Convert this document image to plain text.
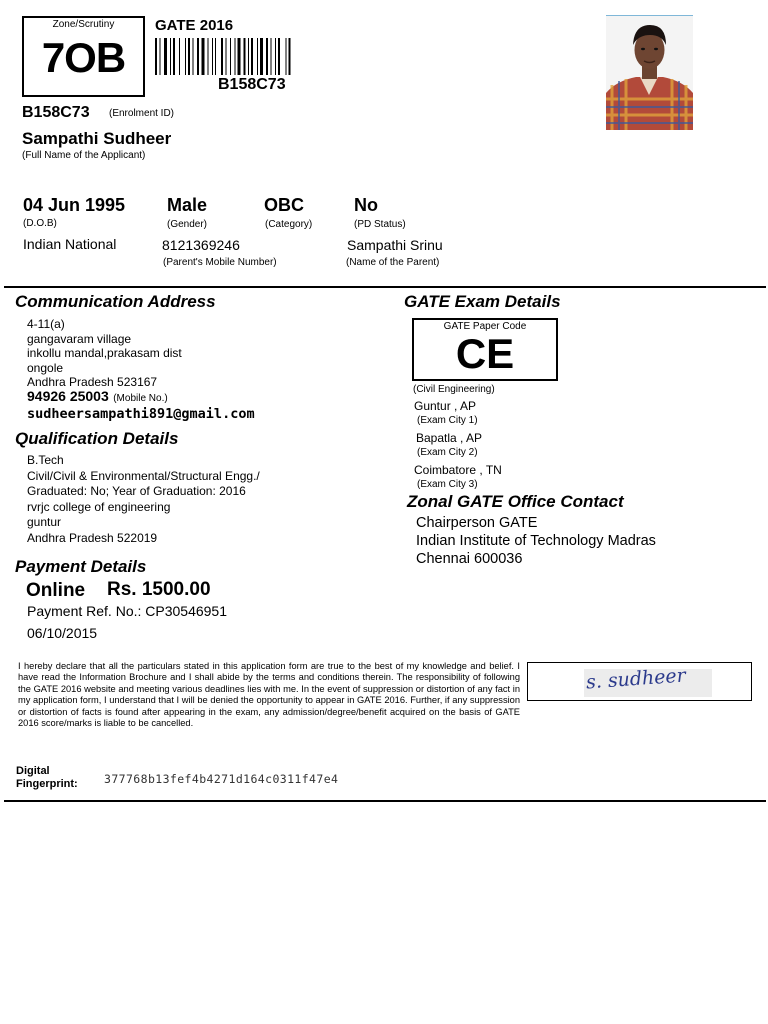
Zone/Scrutiny
7OB
GATE 2016
B158C73
B158C73 (Enrolment ID)
Sampathi Sudheer
(Full Name of the Applicant)
04 Jun 1995
(D.O.B)
Male
(Gender)
OBC
(Category)
No
(PD Status)
Indian National	8121369246
(Parent's Mobile Number)
Sampathi Srinu
(Name of the Parent)
Communication Address
4-11(a)
gangavaram village
inkollu mandal,prakasam dist
ongole
Andhra Pradesh 523167
94926 25003 (Mobile No.)
sudheersampathi891@gmail.com
Qualification Details
B.Tech
Civil/Civil & Environmental/Structural Engg./
Graduated: No; Year of Graduation: 2016
rvrjc college of engineering
guntur
Andhra Pradesh 522019
Payment Details
Online Rs. 1500.00
Payment Ref. No.: CP30546951
06/10/2015
GATE Exam Details
GATE Paper Code
CE
(Civil Engineering)
Guntur , AP
(Exam City 1)
Bapatla , AP
(Exam City 2)
Coimbatore , TN
(Exam City 3)
Zonal GATE Office Contact
Chairperson GATE
Indian Institute of Technology Madras
Chennai 600036
I hereby declare that all the particulars stated in this application form are true to the best of my knowledge and belief. I have read the Information Brochure and I shall abide by the terms and conditions therein. The responsibility of following the GATE 2016 website and meeting various deadlines lies with me. In the event of suppression or distortion of any fact in my application form, I understand that I will be denied the opportunity to appear in GATE 2016. Further, if any suppression or distortion of facts is found after appearing in the exam, any admission/degree/benefit acquired on the basis of GATE 2016 score/marks is liable to be cancelled.
s. sudheer
Digital
Fingerprint: 377768b13fef4b4271d164c0311f47e4
